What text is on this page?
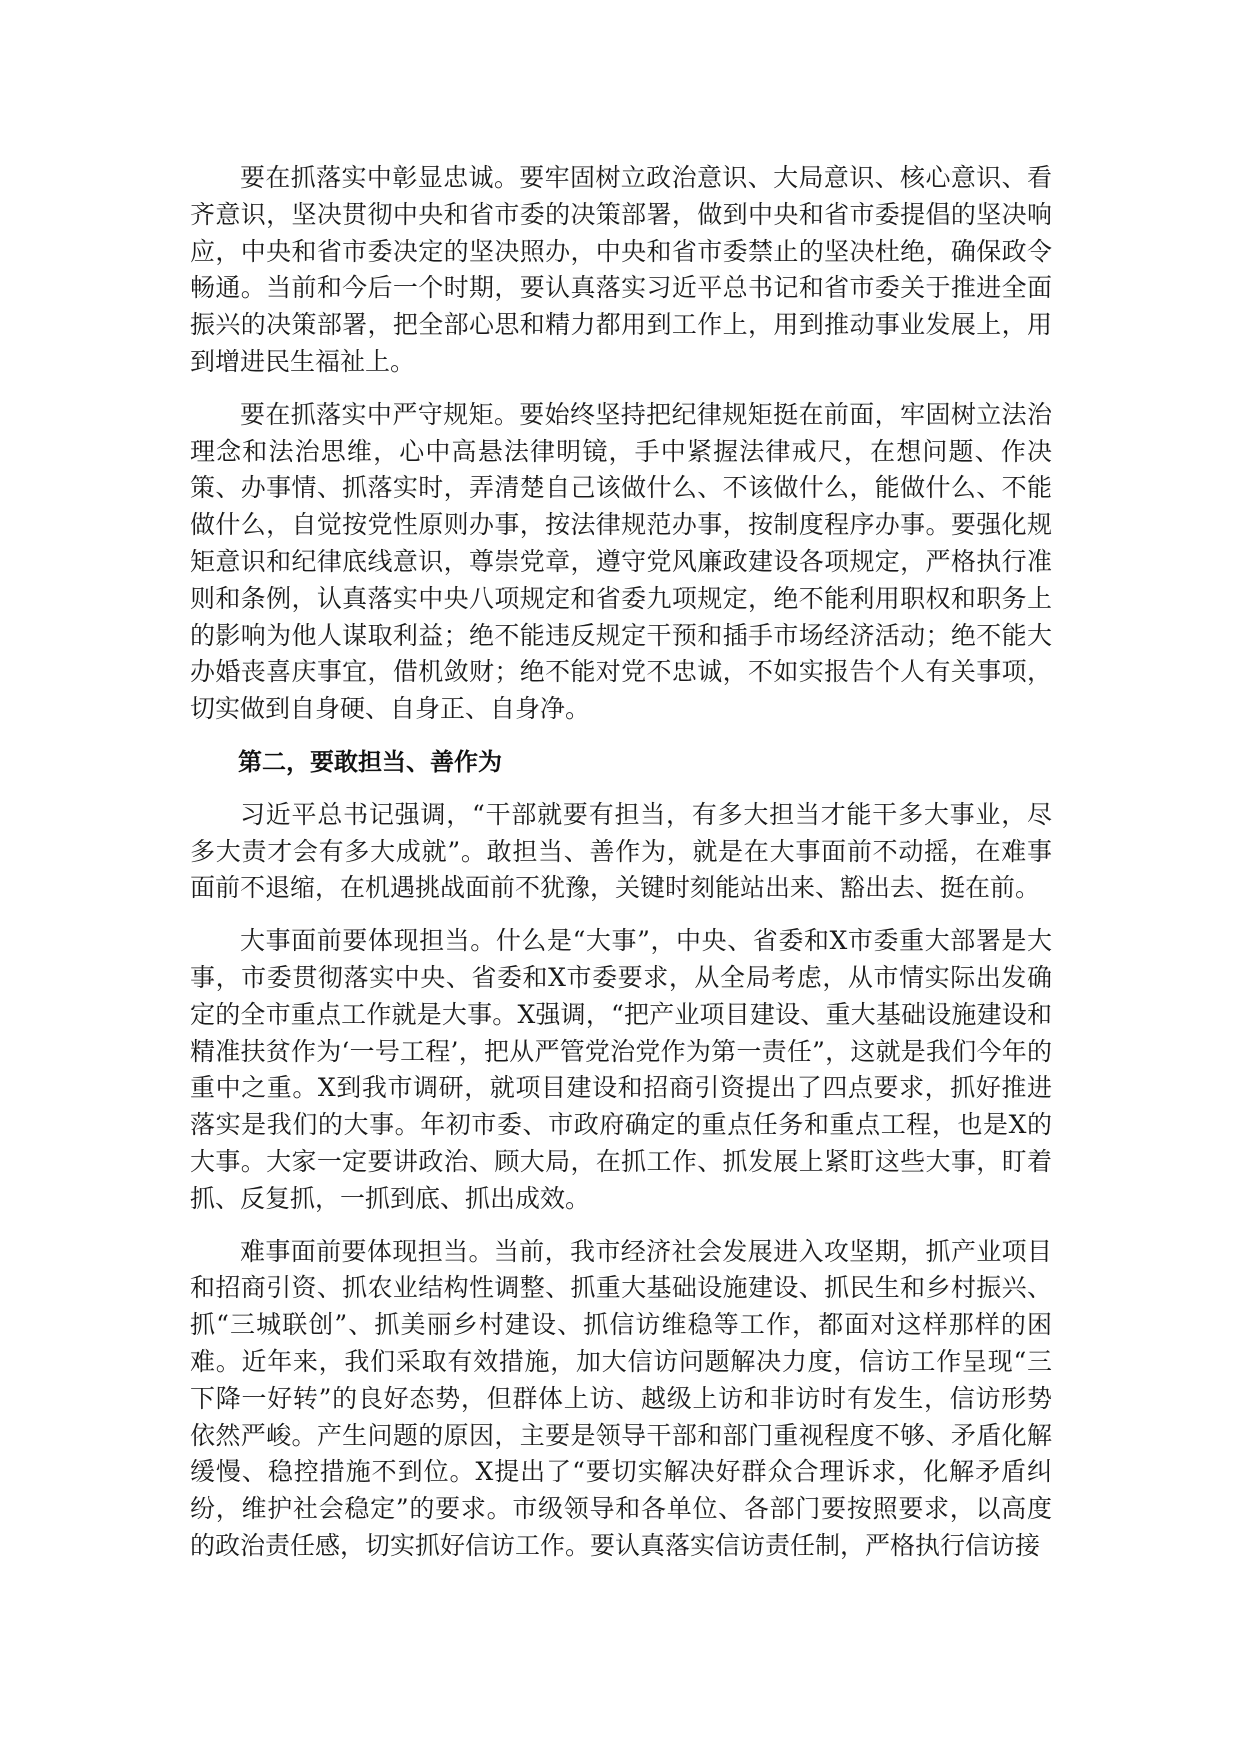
要在抓落实中彰显忠诚。要牢固树立政治意识、大局意识、核心意识、看齐意识，坚决贯彻中央和省市委的决策部署，做到中央和省市委提倡的坚决响应，中央和省市委决定的坚决照办，中央和省市委禁止的坚决杜绝，确保政令畅通。当前和今后一个时期，要认真落实习近平总书记和省市委关于推进全面振兴的决策部署，把全部心思和精力都用到工作上，用到推动事业发展上，用到增进民生福祉上。

要在抓落实中严守规矩。要始终坚持把纪律规矩挺在前面，牢固树立法治理念和法治思维，心中高悬法律明镜，手中紧握法律戒尺，在想问题、作决策、办事情、抓落实时，弄清楚自己该做什么、不该做什么，能做什么、不能做什么，自觉按党性原则办事，按法律规范办事，按制度程序办事。要强化规矩意识和纪律底线意识，尊崇党章，遵守党风廉政建设各项规定，严格执行准则和条例，认真落实中央八项规定和省委九项规定，绝不能利用职权和职务上的影响为他人谋取利益；绝不能违反规定干预和插手市场经济活动；绝不能大办婚丧喜庆事宜，借机敛财；绝不能对党不忠诚，不如实报告个人有关事项，切实做到自身硬、自身正、自身净。

第二，要敢担当、善作为

习近平总书记强调，“干部就要有担当，有多大担当才能干多大事业，尽多大责才会有多大成就”。敢担当、善作为，就是在大事面前不动摇，在难事面前不退缩，在机遇挑战面前不犹豫，关键时刻能站出来、豁出去、挺在前。

大事面前要体现担当。什么是“大事”，中央、省委和X市委重大部署是大事，市委贯彻落实中央、省委和X市委要求，从全局考虑，从市情实际出发确定的全市重点工作就是大事。X强调，“把产业项目建设、重大基础设施建设和精准扶贫作为‘一号工程’，把从严管党治党作为第一责任”，这就是我们今年的重中之重。X到我市调研，就项目建设和招商引资提出了四点要求，抓好推进落实是我们的大事。年初市委、市政府确定的重点任务和重点工程，也是X的大事。大家一定要讲政治、顾大局，在抓工作、抓发展上紧盯这些大事，盯着抓、反复抓，一抓到底、抓出成效。

难事面前要体现担当。当前，我市经济社会发展进入攻坚期，抓产业项目和招商引资、抓农业结构性调整、抓重大基础设施建设、抓民生和乡村振兴、抓“三城联创”、抓美丽乡村建设、抓信访维稳等工作，都面对这样那样的困难。近年来，我们采取有效措施，加大信访问题解决力度，信访工作呈现“三下降一好转”的良好态势，但群体上访、越级上访和非访时有发生，信访形势依然严峻。产生问题的原因，主要是领导干部和部门重视程度不够、矛盾化解缓慢、稳控措施不到位。X提出了“要切实解决好群众合理诉求，化解矛盾纠纷，维护社会稳定”的要求。市级领导和各单位、各部门要按照要求，以高度的政治责任感，切实抓好信访工作。要认真落实信访责任制，严格执行信访接
